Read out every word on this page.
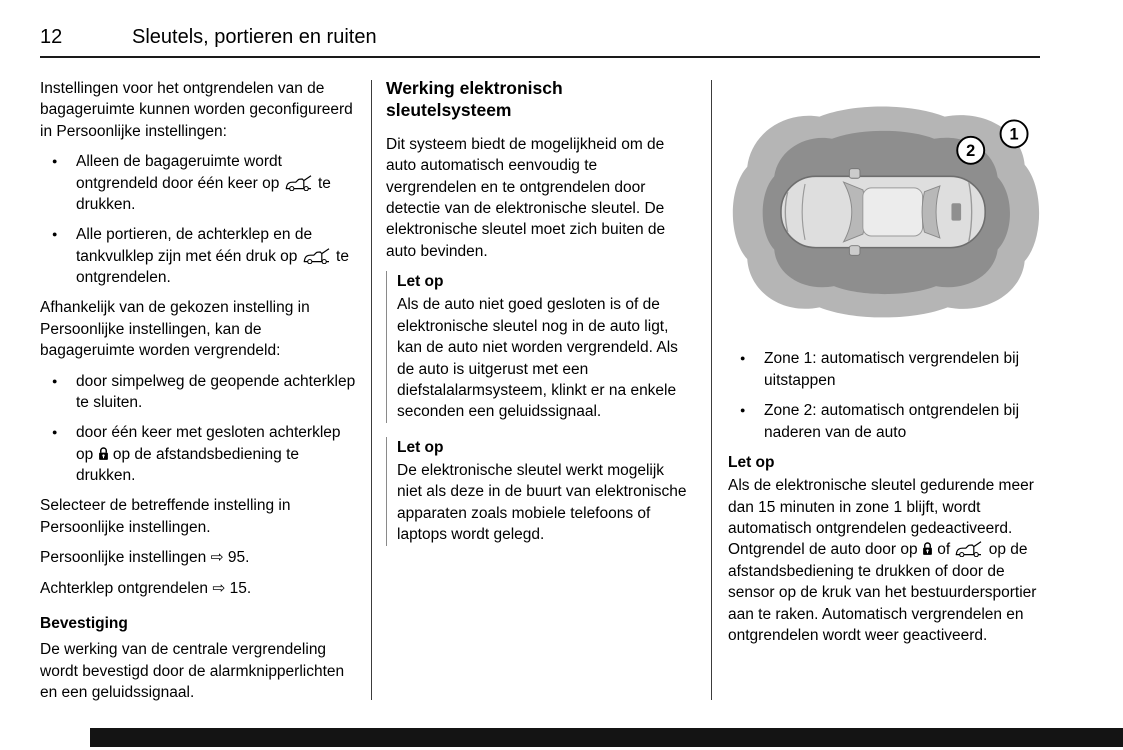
12	Sleutels, portieren en ruiten

Instellingen voor het ontgrendelen van de bagageruimte kunnen worden geconfigureerd in Persoonlijke instellingen:

●	Alleen de bagageruimte wordt ontgrendeld door één keer op  te drukken.
●	Alle portieren, de achterklep en de tankvulklep zijn met één druk op  te ontgrendelen.

Afhankelijk van de gekozen instelling in Persoonlijke instellingen, kan de bagageruimte worden vergrendeld:

●	door simpelweg de geopende achterklep te sluiten.
●	door één keer met gesloten achterklep op  op de afstandsbediening te drukken.

Selecteer de betreffende instelling in Persoonlijke instellingen.

Persoonlijke instellingen ⇨ 95.

Achterklep ontgrendelen ⇨ 15.

Bevestiging

De werking van de centrale vergrendeling wordt bevestigd door de alarmknipperlichten en een geluidssignaal.

Werking elektronisch sleutelsysteem

Dit systeem biedt de mogelijkheid om de auto automatisch eenvoudig te vergrendelen en te ontgrendelen door detectie van de elektronische sleutel. De elektronische sleutel moet zich buiten de auto bevinden.

Let op
Als de auto niet goed gesloten is of de elektronische sleutel nog in de auto ligt, kan de auto niet worden vergrendeld. Als de auto is uitgerust met een diefstalalarmsysteem, klinkt er na enkele seconden een geluidssignaal.
Let op
De elektronische sleutel werkt mogelijk niet als deze in de buurt van elektronische apparaten zoals mobiele telefoons of laptops wordt gelegd.
1
2
●	Zone 1: automatisch vergrendelen bij uitstappen
●	Zone 2: automatisch ontgrendelen bij naderen van de auto
Let op
Als de elektronische sleutel gedurende meer dan 15 minuten in zone 1 blijft, wordt automatisch ontgrendelen gedeactiveerd. Ontgrendel de auto door op  of  op de afstandsbediening te drukken of door de sensor op de kruk van het bestuurdersportier aan te raken. Automatisch vergrendelen en ontgrendelen wordt weer geactiveerd.
